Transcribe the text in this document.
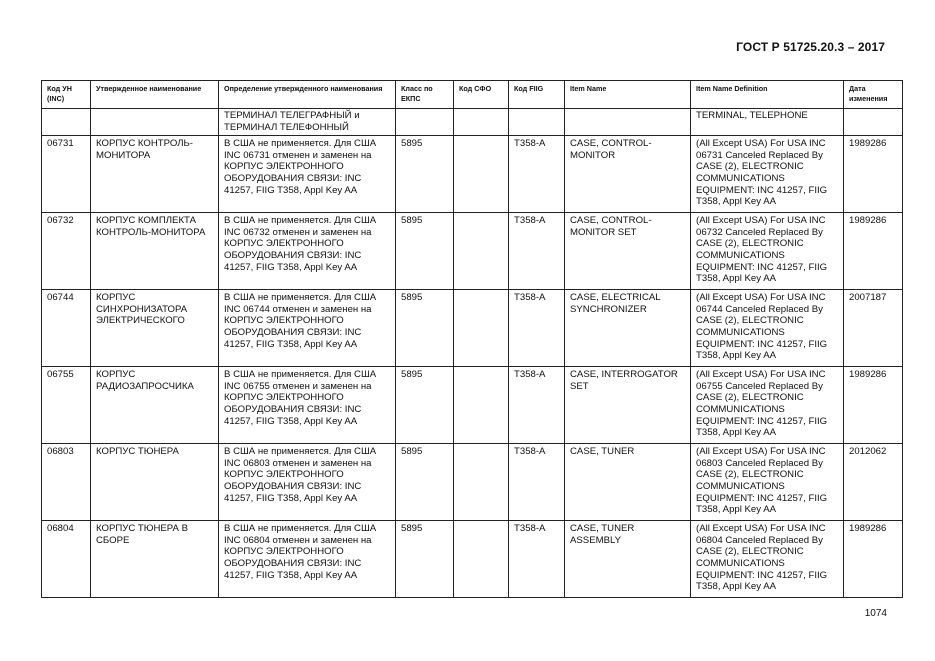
ГОСТ Р 51725.20.3 – 2017
Код УН (INC)	Утвержденное наименование	Определение утвержденного наименования	Класс по ЕКПС	Код СФО	Код FIIG	Item Name	Item Name Definition	Дата изменения
		ТЕРМИНАЛ ТЕЛЕГРАФНЫЙ и ТЕРМИНАЛ ТЕЛЕФОННЫЙ					TERMINAL, TELEPHONE	
06731	КОРПУС КОНТРОЛЬ-МОНИТОРА	В США не применяется. Для США INC 06731 отменен и заменен на КОРПУС ЭЛЕКТРОННОГО ОБОРУДОВАНИЯ СВЯЗИ: INC 41257, FIIG T358, Appl Key AA	5895		T358-A	CASE, CONTROL-MONITOR	(All Except USA) For USA INC 06731 Canceled Replaced By CASE (2), ELECTRONIC COMMUNICATIONS EQUIPMENT: INC 41257, FIIG T358, Appl Key AA	1989286
06732	КОРПУС КОМПЛЕКТА КОНТРОЛЬ-МОНИТОРА	В США не применяется. Для США INC 06732 отменен и заменен на КОРПУС ЭЛЕКТРОННОГО ОБОРУДОВАНИЯ СВЯЗИ: INC 41257, FIIG T358, Appl Key AA	5895		T358-A	CASE, CONTROL-MONITOR SET	(All Except USA) For USA INC 06732 Canceled Replaced By CASE (2), ELECTRONIC COMMUNICATIONS EQUIPMENT: INC 41257, FIIG T358, Appl Key AA	1989286
06744	КОРПУС СИНХРОНИЗАТОРА ЭЛЕКТРИЧЕСКОГО	В США не применяется. Для США INC 06744 отменен и заменен на КОРПУС ЭЛЕКТРОННОГО ОБОРУДОВАНИЯ СВЯЗИ: INC 41257, FIIG T358, Appl Key AA	5895		T358-A	CASE, ELECTRICAL SYNCHRONIZER	(All Except USA) For USA INC 06744 Canceled Replaced By CASE (2), ELECTRONIC COMMUNICATIONS EQUIPMENT: INC 41257, FIIG T358, Appl Key AA	2007187
06755	КОРПУС РАДИОЗАПРОСЧИКА	В США не применяется. Для США INC 06755 отменен и заменен на КОРПУС ЭЛЕКТРОННОГО ОБОРУДОВАНИЯ СВЯЗИ: INC 41257, FIIG T358, Appl Key AA	5895		T358-A	CASE, INTERROGATOR SET	(All Except USA) For USA INC 06755 Canceled Replaced By CASE (2), ELECTRONIC COMMUNICATIONS EQUIPMENT: INC 41257, FIIG T358, Appl Key AA	1989286
06803	КОРПУС ТЮНЕРА	В США не применяется. Для США INC 06803 отменен и заменен на КОРПУС ЭЛЕКТРОННОГО ОБОРУДОВАНИЯ СВЯЗИ: INC 41257, FIIG T358, Appl Key AA	5895		T358-A	CASE, TUNER	(All Except USA) For USA INC 06803 Canceled Replaced By CASE (2), ELECTRONIC COMMUNICATIONS EQUIPMENT: INC 41257, FIIG T358, Appl Key AA	2012062
06804	КОРПУС ТЮНЕРА В СБОРЕ	В США не применяется. Для США INC 06804 отменен и заменен на КОРПУС ЭЛЕКТРОННОГО ОБОРУДОВАНИЯ СВЯЗИ: INC 41257, FIIG T358, Appl Key AA	5895		T358-A	CASE, TUNER ASSEMBLY	(All Except USA) For USA INC 06804 Canceled Replaced By CASE (2), ELECTRONIC COMMUNICATIONS EQUIPMENT: INC 41257, FIIG T358, Appl Key AA	1989286
1074
